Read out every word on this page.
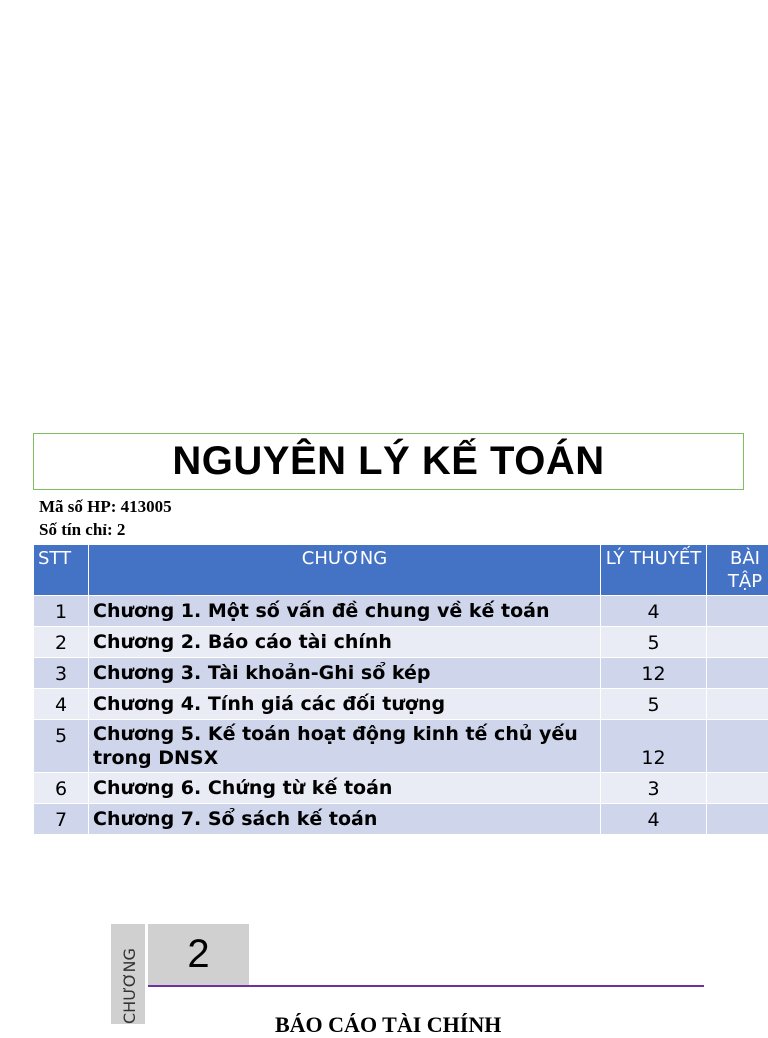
NGUYÊN LÝ KẾ TOÁN
Mã số HP: 413005
Số tín chỉ: 2
STT	CHƯƠNG	LÝ THUYẾT	BÀI TẬP
1	Chương 1. Một số vấn đề chung về kế toán	4	
2	Chương 2. Báo cáo tài chính	5	
3	Chương 3. Tài khoản-Ghi sổ kép	12	
4	Chương 4. Tính giá các đối tượng	5	
5	Chương 5. Kế toán hoạt động kinh tế chủ yếu trong DNSX	12	
6	Chương 6. Chứng từ kế toán	3	
7	Chương 7. Sổ sách kế toán	4	
CHƯƠNG 2
BÁO CÁO TÀI CHÍNH
